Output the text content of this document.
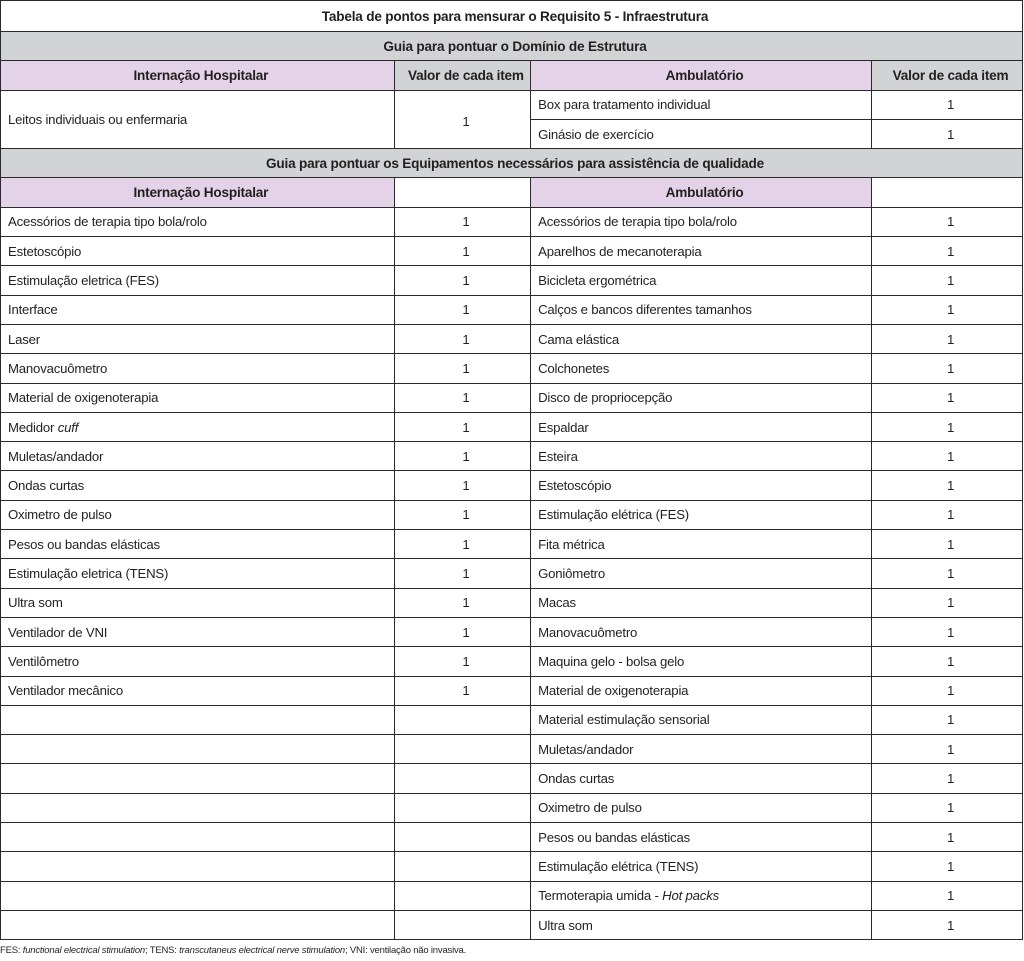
Tabela de pontos para mensurar o Requisito 5 - Infraestrutura			
Guia para pontuar o Domínio de Estrutura			
Internação Hospitalar	Valor de cada item	Ambulatório	Valor de cada item
Leitos individuais ou enfermaria	1	Box para tratamento individual	1
		Ginásio de exercício	1
Guia para pontuar os Equipamentos necessários para assistência de qualidade			
Internação Hospitalar		Ambulatório	
Acessórios de terapia tipo bola/rolo	1	Acessórios de terapia tipo bola/rolo	1
Estetoscópio	1	Aparelhos de mecanoterapia	1
Estimulação eletrica (FES)	1	Bicicleta ergométrica	1
Interface	1	Calços e bancos diferentes tamanhos	1
Laser	1	Cama elástica	1
Manovacuômetro	1	Colchonetes	1
Material de oxigenoterapia	1	Disco de propriocepção	1
Medidor cuff	1	Espaldar	1
Muletas/andador	1	Esteira	1
Ondas curtas	1	Estetoscópio	1
Oximetro de pulso	1	Estimulação elétrica (FES)	1
Pesos ou bandas elásticas	1	Fita métrica	1
Estimulação eletrica (TENS)	1	Goniômetro	1
Ultra som	1	Macas	1
Ventilador de VNI	1	Manovacuômetro	1
Ventilômetro	1	Maquina gelo - bolsa gelo	1
Ventilador mecânico	1	Material de oxigenoterapia	1
		Material estimulação sensorial	1
		Muletas/andador	1
		Ondas curtas	1
		Oximetro de pulso	1
		Pesos ou bandas elásticas	1
		Estimulação elétrica (TENS)	1
		Termoterapia umida - Hot packs	1
		Ultra som	1
FES: functional electrical stimulation; TENS: transcutaneus electrical nerve stimulation; VNI: ventilação não invasiva.
